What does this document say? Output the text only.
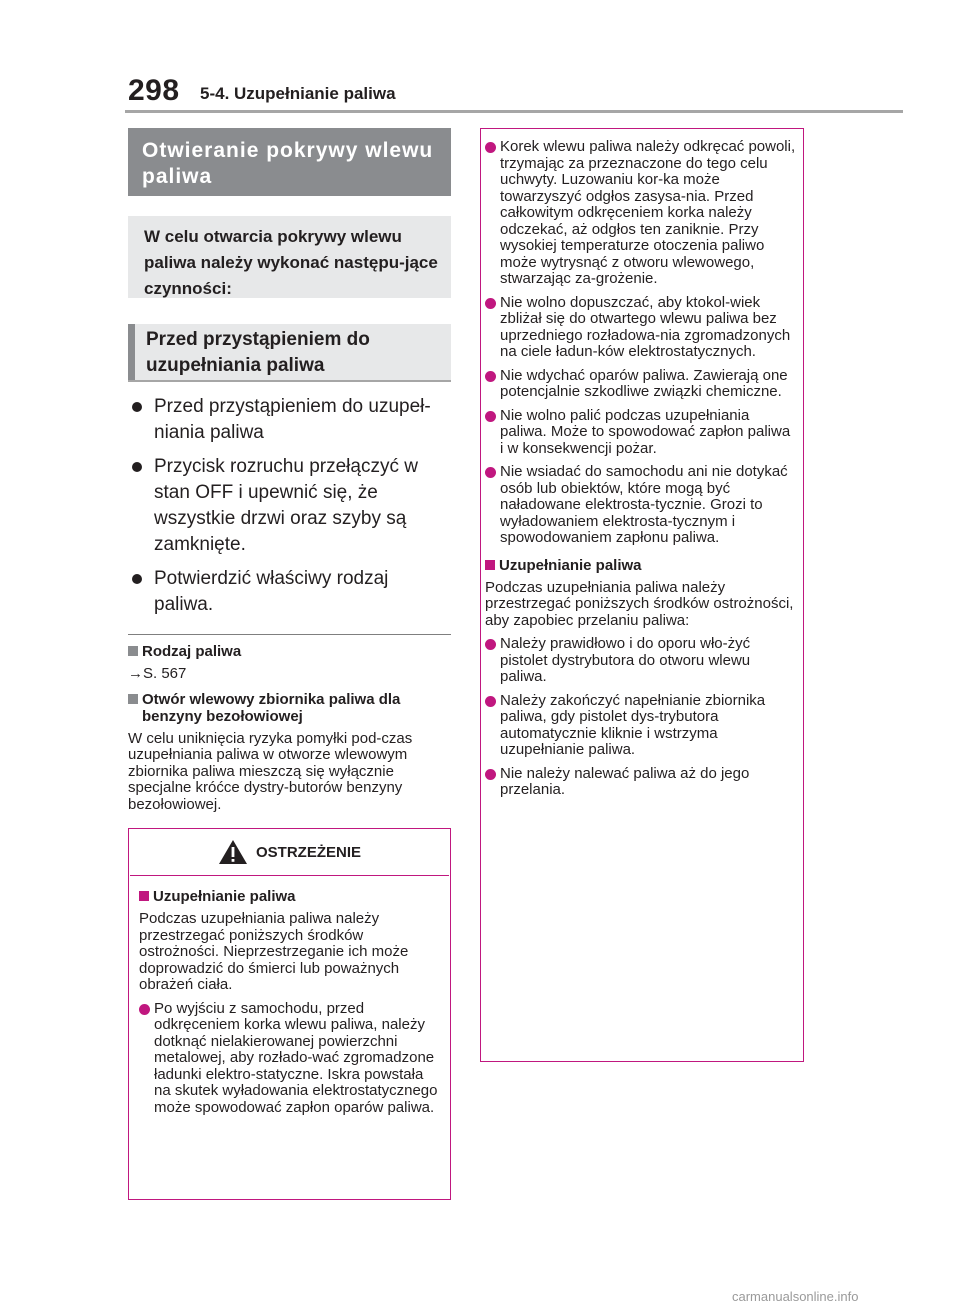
298 5-4. Uzupełnianie paliwa
Otwieranie pokrywy wlewu paliwa
W celu otwarcia pokrywy wlewu paliwa należy wykonać następu-jące czynności:
Przed przystąpieniem do uzupełniania paliwa
Przed przystąpieniem do uzupeł-niania paliwa
Przycisk rozruchu przełączyć w stan OFF i upewnić się, że wszystkie drzwi oraz szyby są zamknięte.
Potwierdzić właściwy rodzaj paliwa.
Rodzaj paliwa
→S. 567
Otwór wlewowy zbiornika paliwa dla benzyny bezołowiowej
W celu uniknięcia ryzyka pomyłki pod-czas uzupełniania paliwa w otworze wlewowym zbiornika paliwa mieszczą się wyłącznie specjalne króćce dystry-butorów benzyny bezołowiowej.
OSTRZEŻENIE
Uzupełnianie paliwa
Podczas uzupełniania paliwa należy przestrzegać poniższych środków ostrożności. Nieprzestrzeganie ich może doprowadzić do śmierci lub poważnych obrażeń ciała.
Po wyjściu z samochodu, przed odkręceniem korka wlewu paliwa, należy dotknąć nielakierowanej powierzchni metalowej, aby rozłado-wać zgromadzone ładunki elektro-statyczne. Iskra powstała na skutek wyładowania elektrostatycznego może spowodować zapłon oparów paliwa.
Korek wlewu paliwa należy odkręcać powoli, trzymając za przeznaczone do tego celu uchwyty. Luzowaniu kor-ka może towarzyszyć odgłos zasysa-nia. Przed całkowitym odkręceniem korka należy odczekać, aż odgłos ten zaniknie. Przy wysokiej temperaturze otoczenia paliwo może wytrysnąć z otworu wlewowego, stwarzając za-grożenie.
Nie wolno dopuszczać, aby ktokol-wiek zbliżał się do otwartego wlewu paliwa bez uprzedniego rozładowa-nia zgromadzonych na ciele ładun-ków elektrostatycznych.
Nie wdychać oparów paliwa. Zawierają one potencjalnie szkodliwe związki chemiczne.
Nie wolno palić podczas uzupełniania paliwa. Może to spowodować zapłon paliwa i w konsekwencji pożar.
Nie wsiadać do samochodu ani nie dotykać osób lub obiektów, które mogą być naładowane elektrosta-tycznie. Grozi to wyładowaniem elektrosta-tycznym i spowodowaniem zapłonu paliwa.
Uzupełnianie paliwa
Podczas uzupełniania paliwa należy przestrzegać poniższych środków ostrożności, aby zapobiec przelaniu paliwa:
Należy prawidłowo i do oporu wło-żyć pistolet dystrybutora do otworu wlewu paliwa.
Należy zakończyć napełnianie zbiornika paliwa, gdy pistolet dys-trybutora automatycznie kliknie i wstrzyma uzupełnianie paliwa.
Nie należy nalewać paliwa aż do jego przelania.
carmanualsonline.info
